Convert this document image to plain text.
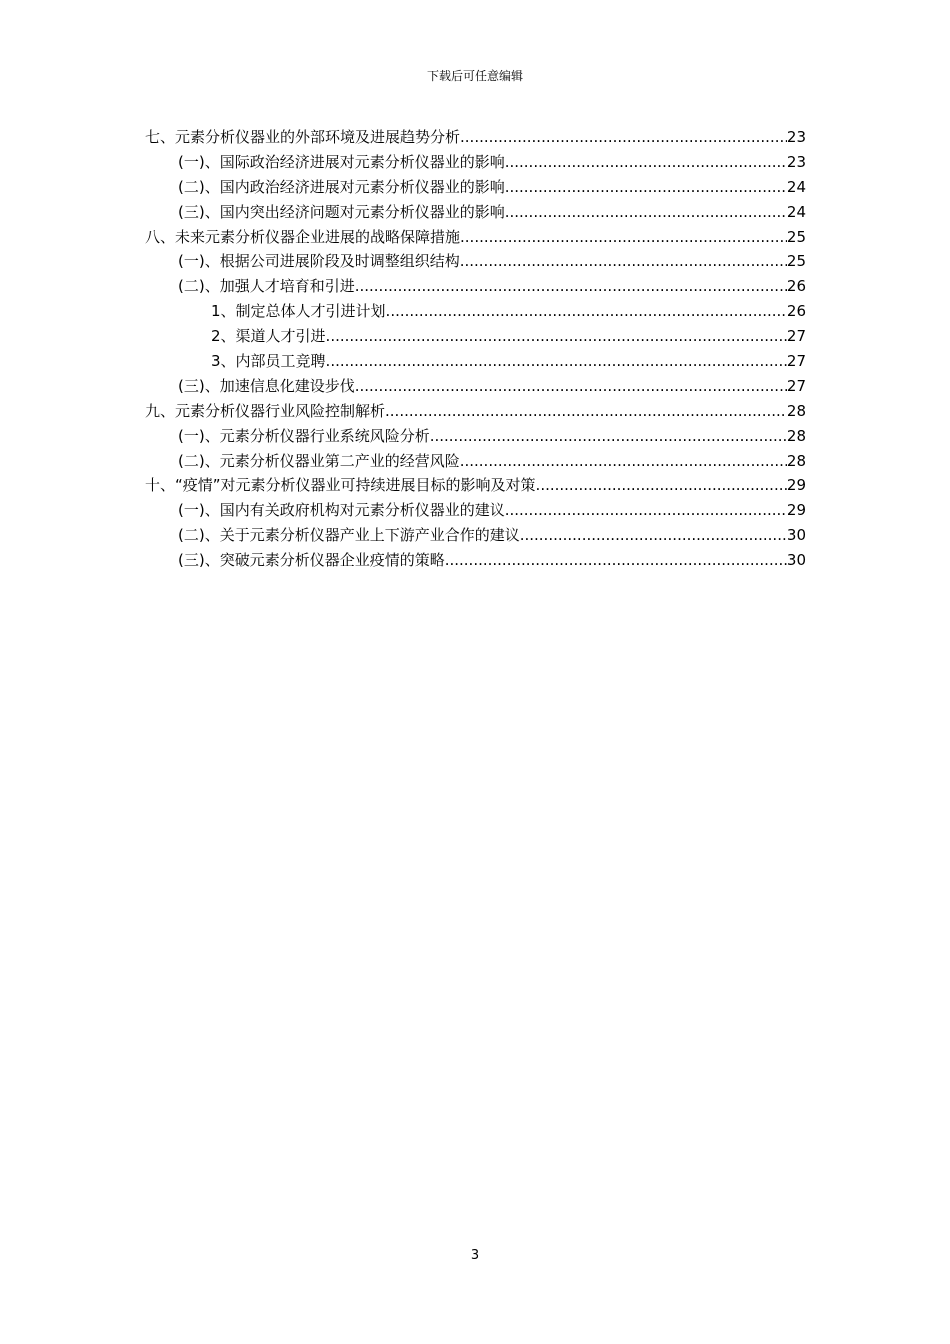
下载后可任意编辑
七、元素分析仪器业的外部环境及进展趋势分析 .....	23
(一)、国际政治经济进展对元素分析仪器业的影响 .....	23
(二)、国内政治经济进展对元素分析仪器业的影响 .....	24
(三)、国内突出经济问题对元素分析仪器业的影响 .....	24
八、未来元素分析仪器企业进展的战略保障措施 .....	25
(一)、根据公司进展阶段及时调整组织结构 .....	25
(二)、加强人才培育和引进 .....	26
1、制定总体人才引进计划 .....	26
2、渠道人才引进 .....	27
3、内部员工竞聘 .....	27
(三)、加速信息化建设步伐 .....	27
九、元素分析仪器行业风险控制解析 .....	28
(一)、元素分析仪器行业系统风险分析 .....	28
(二)、元素分析仪器业第二产业的经营风险 .....	28
十、“疫情”对元素分析仪器业可持续进展目标的影响及对策 .....	29
(一)、国内有关政府机构对元素分析仪器业的建议 .....	29
(二)、关于元素分析仪器产业上下游产业合作的建议 .....	30
(三)、突破元素分析仪器企业疫情的策略 .....	30
3
